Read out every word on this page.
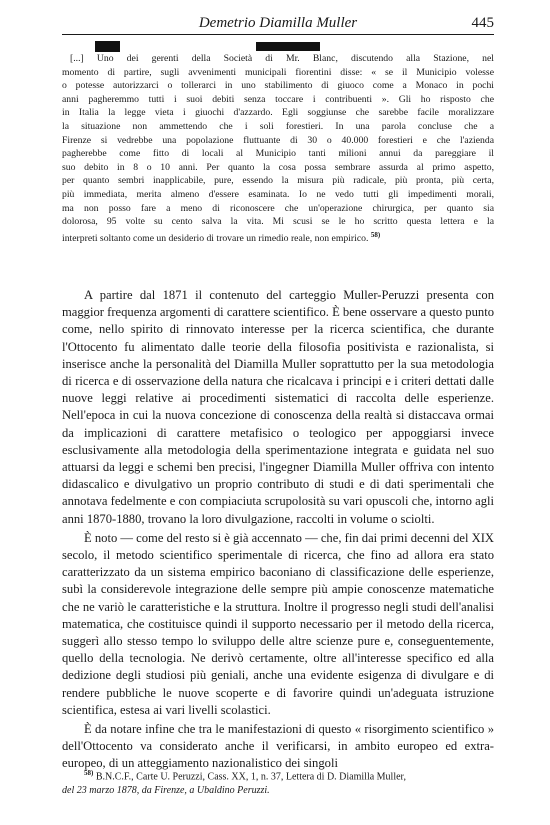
Demetrio Diamilla Muller	445
[...] Uno dei gerenti della Società di Mr. Blanc, discutendo alla Stazione, nel
momento di partire, sugli avvenimenti municipali fiorentini disse: « se il Municipio volesse
o potesse autorizzarci o tollerarci in uno stabilimento di giuoco come a Monaco in pochi
anni pagheremmo tutti i suoi debiti senza toccare i contribuenti ». Gli ho risposto che
in Italia la legge vieta i giuochi d'azzardo. Egli soggiunse che sarebbe facile moralizzare
la situazione non ammettendo che i soli forestieri. In una parola concluse che a
Firenze si vedrebbe una popolazione fluttuante di 30 o 40.000 forestieri e che l'azienda
pagherebbe come fitto di locali al Municipio tanti milioni annui da pareggiare il
suo debito in 8 o 10 anni. Per quanto la cosa possa sembrare assurda al primo aspetto,
per quanto sembri inapplicabile, pure, essendo la misura più radicale, più pronta, più certa,
più immediata, merita almeno d'essere esaminata. Io ne vedo tutti gli impedimenti morali,
ma non posso fare a meno di riconoscere che un'operazione chirurgica, per quanto sia
dolorosa, 95 volte su cento salva la vita. Mi scusi se le ho scritto questa lettera e la
interpreti soltanto come un desiderio di trovare un rimedio reale, non empirico. $^{58)}$

A partire dal 1871 il contenuto del carteggio Muller-Peruzzi presenta con maggior frequenza argomenti di carattere scientifico. È bene osservare a questo punto come, nello spirito di rinnovato interesse per la ricerca scientifica, che durante l'Ottocento fu alimentato dalle teorie della filosofia positivista e razionalista, si inserisce anche la personalità del Diamilla Muller soprattutto per la sua metodologia di ricerca e di osservazione della natura che ricalcava i principi e i criteri dettati dalle nuove leggi relative ai procedimenti sistematici di raccolta delle esperienze. Nell'epoca in cui la nuova concezione di conoscenza della realtà si distaccava ormai da implicazioni di carattere metafisico o teologico per appoggiarsi invece esclusivamente alla metodologia della sperimentazione integrata e guidata nel suo attuarsi da leggi e schemi ben precisi, l'ingegner Diamilla Muller offriva con intento didascalico e divulgativo un proprio contributo di studi e di dati sperimentali che annotava fedelmente e con compiaciuta scrupolosità su vari opuscoli che, intorno agli anni 1870-1880, trovano la loro divulgazione, raccolti in volume o sciolti.

È noto — come del resto si è già accennato — che, fin dai primi decenni del XIX secolo, il metodo scientifico sperimentale di ricerca, che fino ad allora era stato caratterizzato da un sistema empirico baconiano di classificazione delle esperienze, subì la considerevole integrazione delle sempre più ampie conoscenze matematiche che ne variò le caratteristiche e la struttura. Inoltre il progresso negli studi dell'analisi matematica, che costituisce quindi il supporto necessario per il metodo della ricerca, suggerì allo stesso tempo lo sviluppo delle altre scienze pure e, conseguentemente, quello della tecnologia. Ne derivò certamente, oltre all'interesse specifico ed alla dedizione degli studiosi più geniali, anche una evidente esigenza di divulgare e di rendere pubbliche le nuove scoperte e di favorire quindi un'adeguata istruzione scientifica, estesa ai vari livelli scolastici.

È da notare infine che tra le manifestazioni di questo « risorgimento scientifico » dell'Ottocento va considerato anche il verificarsi, in ambito europeo ed extra-europeo, di un atteggiamento nazionalistico dei singoli

$^{58)}$ B.N.C.F., Carte U. Peruzzi, Cass. XX, 1, n. 37, Lettera di D. Diamilla Muller,
del 23 marzo 1878, da Firenze, a Ubaldino Peruzzi.
